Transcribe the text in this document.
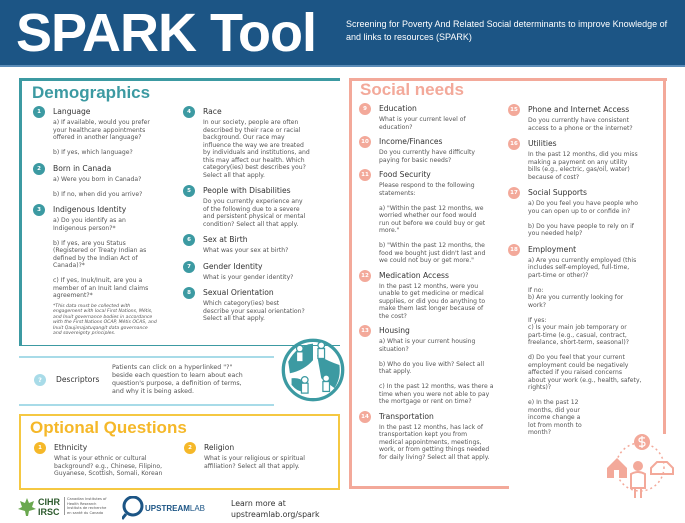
SPARK Tool	Screening for Poverty And Related Social determinants to improve Knowledge of and links to resources (SPARK)
Demographics
1	Language
a) If available, would you prefer
your healthcare appointments
offered in another language?

b) If yes, which language?
2	Born in Canada
a) Were you born in Canada?

b) If no, when did you arrive?
3	Indigenous Identity
a) Do you identify as an
Indigenous person?*

b) If yes, are you Status
(Registered or Treaty Indian as
defined by the Indian Act of
Canada)?*

c) If yes, Inuk/Inuit, are you a
member of an Inuit land claims
agreement?*
*This data must be collected with
engagement with local First Nations, Métis,
and Inuit governance bodies in accordance
with the First Nations OCAP, Métis OCAS, and
Inuit Qaujimajatuqangit data governance
and sovereignty principles.
4	Race
In our society, people are often
described by their race or racial
background. Our race may
influence the way we are treated
by individuals and institutions, and
this may affect our health. Which
category(ies) best describes you?
Select all that apply.
5	People with Disabilities
Do you currently experience any
of the following due to a severe
and persistent physical or mental
condition? Select all that apply.
6	Sex at Birth
What was your sex at birth?
7	Gender Identity
What is your gender identity?
8	Sexual Orientation
Which category(ies) best
describe your sexual orientation?
Select all that apply.
?	Descriptors
Patients can click on a hyperlinked "?"
beside each question to learn about each
question's purpose, a definition of terms,
and why it is being asked.
Optional Questions
1	Ethnicity
What is your ethnic or cultural
background? e.g., Chinese, Filipino,
Guyanese, Scottish, Somali, Korean
2	Religion
What is your religious or spiritual
affiliation? Select all that apply.
Social needs
9	Education
What is your current level of
education?
10 Income/Finances
Do you currently have difficulty
paying for basic needs?
11 Food Security
Please respond to the following
statements:

a) "Within the past 12 months, we
worried whether our food would
run out before we could buy or get
more."

b) "Within the past 12 months, the
food we bought just didn't last and
we could not buy or get more."
12 Medication Access
In the past 12 months, were you
unable to get medicine or medical
supplies, or did you do anything to
make them last longer because of
the cost?
13 Housing
a) What is your current housing
situation?

b) Who do you live with? Select all
that apply.

c) In the past 12 months, was there a
time when you were not able to pay
the mortgage or rent on time?
14 Transportation
In the past 12 months, has lack of
transportation kept you from
medical appointments, meetings,
work, or from getting things needed
for daily living? Select all that apply.
15 Phone and Internet Access
Do you currently have consistent
access to a phone or the internet?
16 Utilities
In the past 12 months, did you miss
making a payment on any utility
bills (e.g., electric, gas/oil, water)
because of cost?
17 Social Supports
a) Do you feel you have people who
you can open up to or confide in?

b) Do you have people to rely on if
you needed help?
18 Employment
a) Are you currently employed (this
includes self-employed, full-time,
part-time or other)?

If no:
b) Are you currently looking for
work?

If yes:
c) Is your main job temporary or
part-time (e.g., casual, contract,
freelance, short-term, seasonal)?

d) Do you feel that your current
employment could be negatively
affected if you raised concerns
about your work (e.g., health, safety,
rights)?

e) In the past 12
months, did your
income change a
lot from month to
month?
CIHR
IRSC
Canadian Institutes of
Health Research
Instituts de recherche
en santé du Canada	UPSTREAMLAB
Learn more at
upstreamlab.org/spark
